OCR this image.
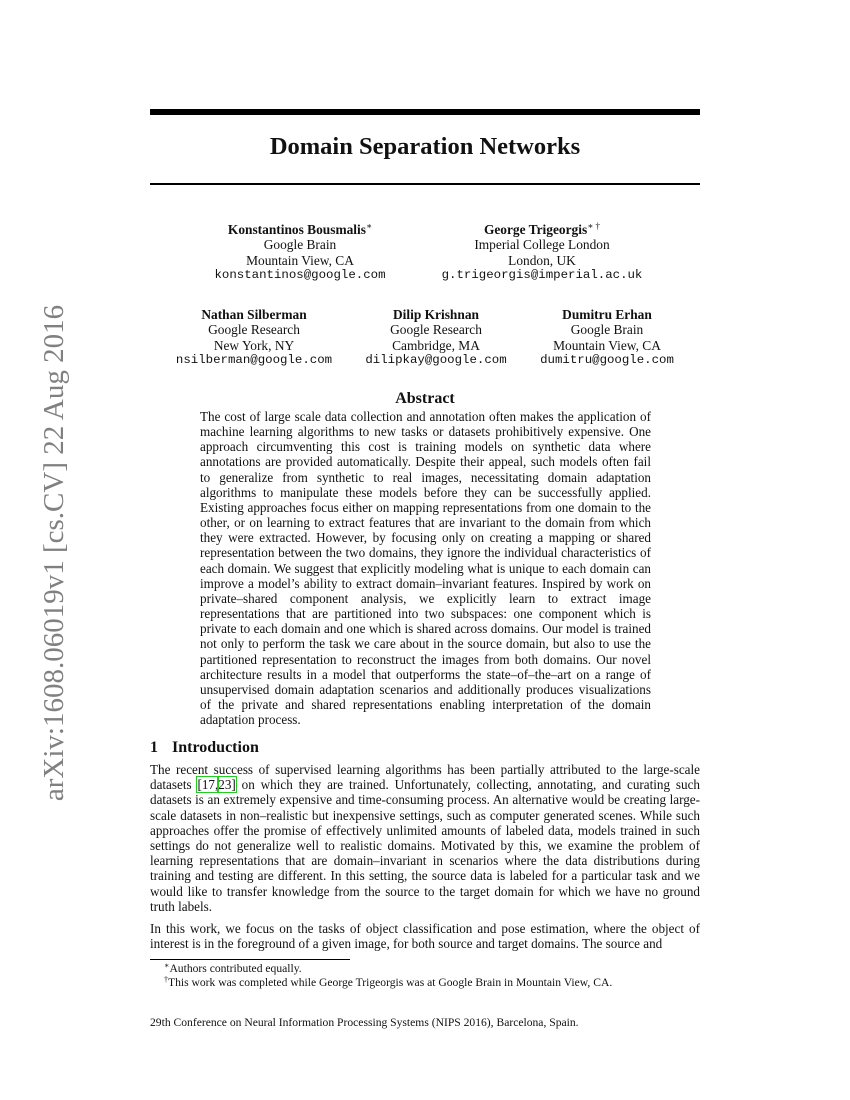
arXiv:1608.06019v1 [cs.CV] 22 Aug 2016
Domain Separation Networks
Konstantinos Bousmalis∗
Google Brain
Mountain View, CA
konstantinos@google.com
George Trigeorgis∗ †
Imperial College London
London, UK
g.trigeorgis@imperial.ac.uk
Nathan Silberman
Google Research
New York, NY
nsilberman@google.com
Dilip Krishnan
Google Research
Cambridge, MA
dilipkay@google.com
Dumitru Erhan
Google Brain
Mountain View, CA
dumitru@google.com
Abstract

The cost of large scale data collection and annotation often makes the application of machine learning algorithms to new tasks or datasets prohibitively expensive. One approach circumventing this cost is training models on synthetic data where annotations are provided automatically. Despite their appeal, such models often fail to generalize from synthetic to real images, necessitating domain adaptation algorithms to manipulate these models before they can be successfully applied. Existing approaches focus either on mapping representations from one domain to the other, or on learning to extract features that are invariant to the domain from which they were extracted. However, by focusing only on creating a mapping or shared representation between the two domains, they ignore the individual characteristics of each domain. We suggest that explicitly modeling what is unique to each domain can improve a model’s ability to extract domain–invariant features. Inspired by work on private–shared component analysis, we explicitly learn to extract image representations that are partitioned into two subspaces: one component which is private to each domain and one which is shared across domains. Our model is trained not only to perform the task we care about in the source domain, but also to use the partitioned representation to reconstruct the images from both domains. Our novel architecture results in a model that outperforms the state–of–the–art on a range of unsupervised domain adaptation scenarios and additionally produces visualizations of the private and shared representations enabling interpretation of the domain adaptation process.

1 Introduction

The recent success of supervised learning algorithms has been partially attributed to the large-scale datasets [17,23] on which they are trained. Unfortunately, collecting, annotating, and curating such datasets is an extremely expensive and time-consuming process. An alternative would be creating large-scale datasets in non–realistic but inexpensive settings, such as computer generated scenes. While such approaches offer the promise of effectively unlimited amounts of labeled data, models trained in such settings do not generalize well to realistic domains. Motivated by this, we examine the problem of learning representations that are domain–invariant in scenarios where the data distributions during training and testing are different. In this setting, the source data is labeled for a particular task and we would like to transfer knowledge from the source to the target domain for which we have no ground truth labels.

In this work, we focus on the tasks of object classification and pose estimation, where the object of interest is in the foreground of a given image, for both source and target domains. The source and

∗Authors contributed equally.
†This work was completed while George Trigeorgis was at Google Brain in Mountain View, CA.
29th Conference on Neural Information Processing Systems (NIPS 2016), Barcelona, Spain.
